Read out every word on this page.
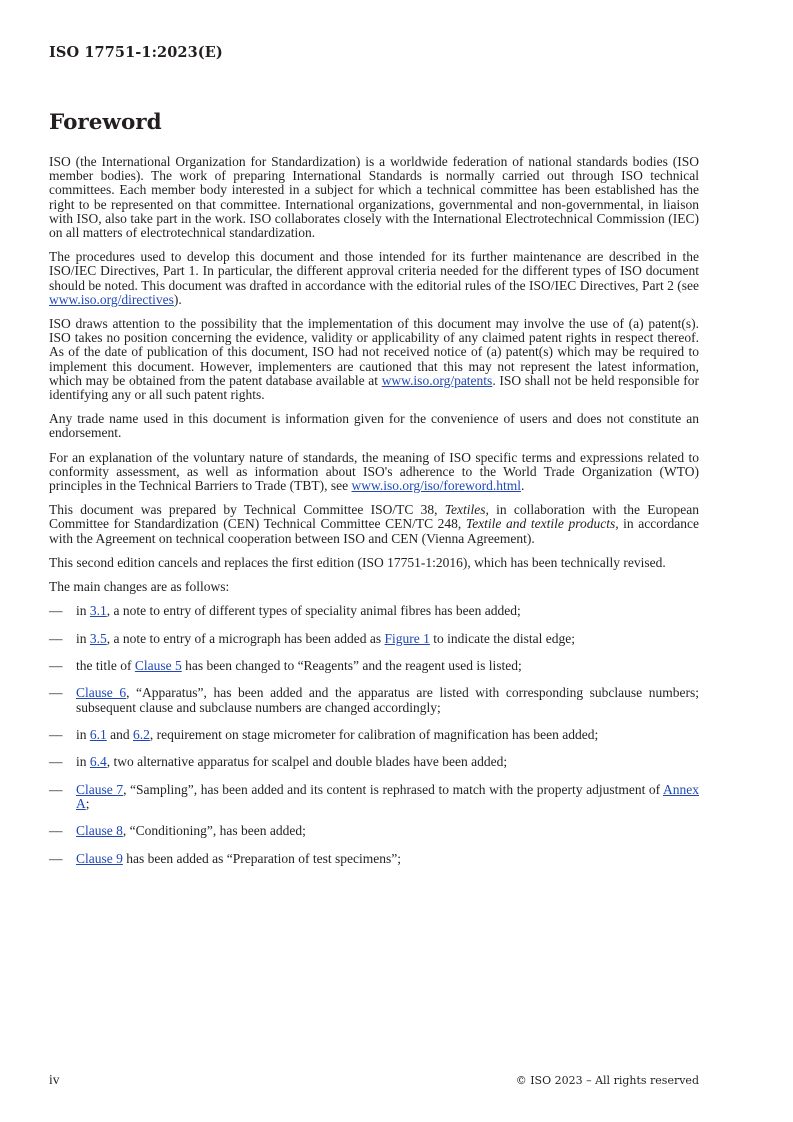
ISO 17751-1:2023(E)
Foreword

ISO (the International Organization for Standardization) is a worldwide federation of national standards bodies (ISO member bodies). The work of preparing International Standards is normally carried out through ISO technical committees. Each member body interested in a subject for which a technical committee has been established has the right to be represented on that committee. International organizations, governmental and non-governmental, in liaison with ISO, also take part in the work. ISO collaborates closely with the International Electrotechnical Commission (IEC) on all matters of electrotechnical standardization.

The procedures used to develop this document and those intended for its further maintenance are described in the ISO/IEC Directives, Part 1. In particular, the different approval criteria needed for the different types of ISO document should be noted. This document was drafted in accordance with the editorial rules of the ISO/IEC Directives, Part 2 (see www.iso.org/directives).

ISO draws attention to the possibility that the implementation of this document may involve the use of (a) patent(s). ISO takes no position concerning the evidence, validity or applicability of any claimed patent rights in respect thereof. As of the date of publication of this document, ISO had not received notice of (a) patent(s) which may be required to implement this document. However, implementers are cautioned that this may not represent the latest information, which may be obtained from the patent database available at www.iso.org/patents. ISO shall not be held responsible for identifying any or all such patent rights.

Any trade name used in this document is information given for the convenience of users and does not constitute an endorsement.

For an explanation of the voluntary nature of standards, the meaning of ISO specific terms and expressions related to conformity assessment, as well as information about ISO's adherence to the World Trade Organization (WTO) principles in the Technical Barriers to Trade (TBT), see www.iso.org/iso/foreword.html.

This document was prepared by Technical Committee ISO/TC 38, Textiles, in collaboration with the European Committee for Standardization (CEN) Technical Committee CEN/TC 248, Textile and textile products, in accordance with the Agreement on technical cooperation between ISO and CEN (Vienna Agreement).

This second edition cancels and replaces the first edition (ISO 17751-1:2016), which has been technically revised.

The main changes are as follows:

— in 3.1, a note to entry of different types of speciality animal fibres has been added;
— in 3.5, a note to entry of a micrograph has been added as Figure 1 to indicate the distal edge;
— the title of Clause 5 has been changed to “Reagents” and the reagent used is listed;
— Clause 6, “Apparatus”, has been added and the apparatus are listed with corresponding subclause numbers; subsequent clause and subclause numbers are changed accordingly;
— in 6.1 and 6.2, requirement on stage micrometer for calibration of magnification has been added;
— in 6.4, two alternative apparatus for scalpel and double blades have been added;
— Clause 7, “Sampling”, has been added and its content is rephrased to match with the property adjustment of Annex A;
— Clause 8, “Conditioning”, has been added;
— Clause 9 has been added as “Preparation of test specimens”;
iv	© ISO 2023 – All rights reserved
